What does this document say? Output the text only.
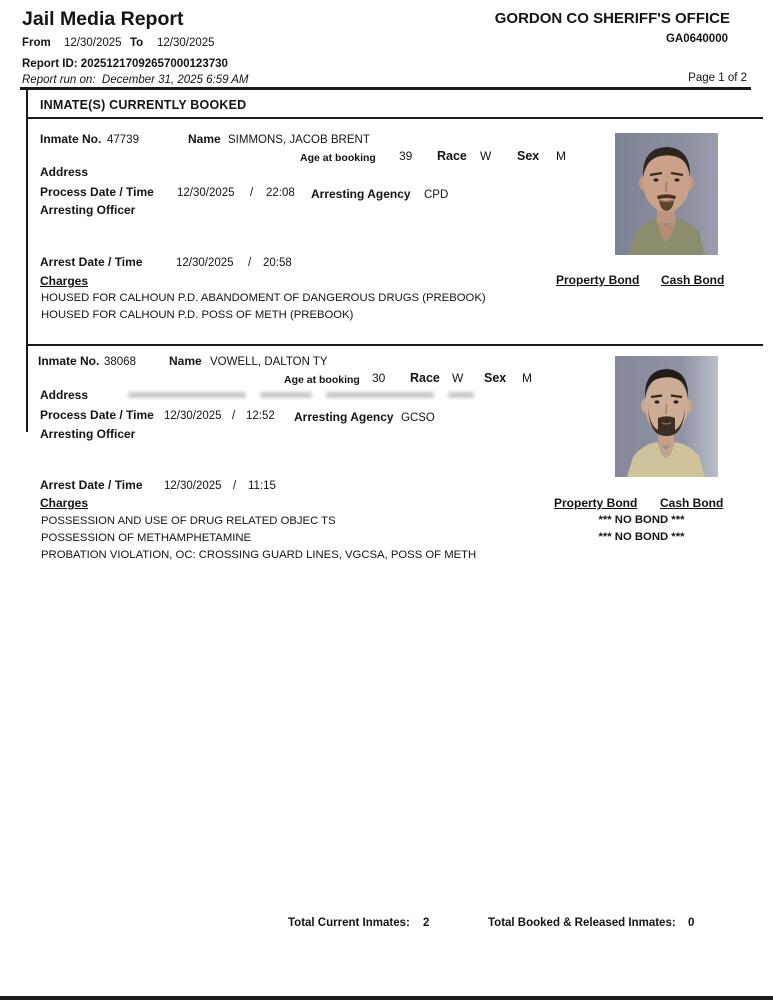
Jail Media Report
From 12/30/2025 To 12/30/2025
GORDON CO SHERIFF'S OFFICE
GA0640000
Report ID: 20251217092657000123730
Report run on: December 31, 2025 6:59 AM	Page 1 of 2
INMATE(S) CURRENTLY BOOKED
Inmate No. 47739	Name SIMMONS, JACOB BRENT
Age at booking 39 Race W Sex M
Address
Process Date / Time 12/30/2025 / 22:08 Arresting Agency CPD
Arresting Officer
Arrest Date / Time	12/30/2025 / 20:58
Charges	Property Bond Cash Bond
HOUSED FOR CALHOUN P.D. ABANDOMENT OF DANGEROUS DRUGS (PREBOOK)
HOUSED FOR CALHOUN P.D. POSS OF METH (PREBOOK)
Inmate No. 38068	Name VOWELL, DALTON TY
Age at booking 30 Race W Sex M
Address
Process Date / Time 12/30/2025 / 12:52 Arresting Agency GCSO
Arresting Officer
Arrest Date / Time 12/30/2025 / 11:15
Charges	Property Bond Cash Bond
POSSESSION AND USE OF DRUG RELATED OBJEC TS	*** NO BOND ***
POSSESSION OF METHAMPHETAMINE	*** NO BOND ***
PROBATION VIOLATION, OC: CROSSING GUARD LINES, VGCSA, POSS OF METH
Total Current Inmates: 2	Total Booked & Released Inmates: 0
